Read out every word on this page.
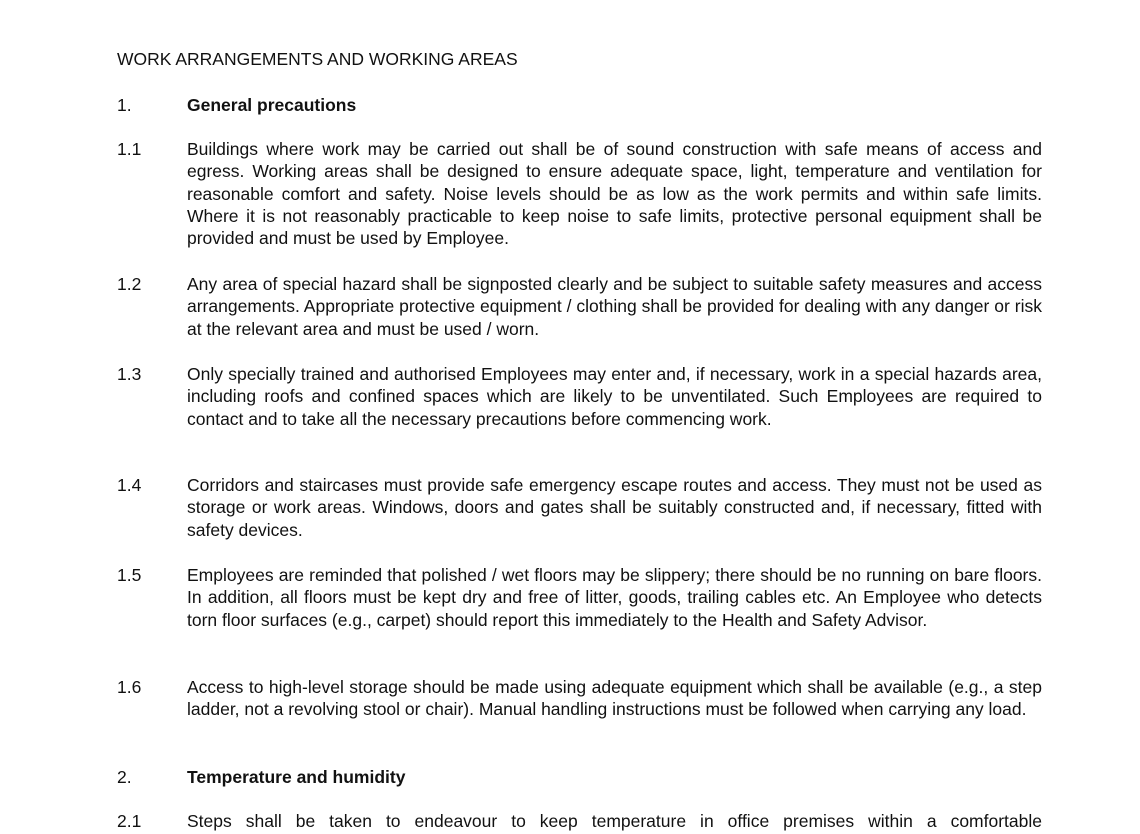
WORK ARRANGEMENTS AND WORKING AREAS
1.	General precautions
1.1	Buildings where work may be carried out shall be of sound construction with safe means of access and egress. Working areas shall be designed to ensure adequate space, light, temperature and ventilation for reasonable comfort and safety. Noise levels should be as low as the work permits and within safe limits. Where it is not reasonably practicable to keep noise to safe limits, protective personal equipment shall be provided and must be used by Employee.
1.2	Any area of special hazard shall be signposted clearly and be subject to suitable safety measures and access arrangements. Appropriate protective equipment / clothing shall be provided for dealing with any danger or risk at the relevant area and must be used / worn.
1.3	Only specially trained and authorised Employees may enter and, if necessary, work in a special hazards area, including roofs and confined spaces which are likely to be unventilated. Such Employees are required to contact and to take all the necessary precautions before commencing work.
1.4	Corridors and staircases must provide safe emergency escape routes and access. They must not be used as storage or work areas. Windows, doors and gates shall be suitably constructed and, if necessary, fitted with safety devices.
1.5	Employees are reminded that polished / wet floors may be slippery; there should be no running on bare floors. In addition, all floors must be kept dry and free of litter, goods, trailing cables etc. An Employee who detects torn floor surfaces (e.g., carpet) should report this immediately to the Health and Safety Advisor.
1.6	Access to high-level storage should be made using adequate equipment which shall be available (e.g., a step ladder, not a revolving stool or chair). Manual handling instructions must be followed when carrying any load.
2.	Temperature and humidity
2.1	Steps shall be taken to endeavour to keep temperature in office premises within a comfortable
